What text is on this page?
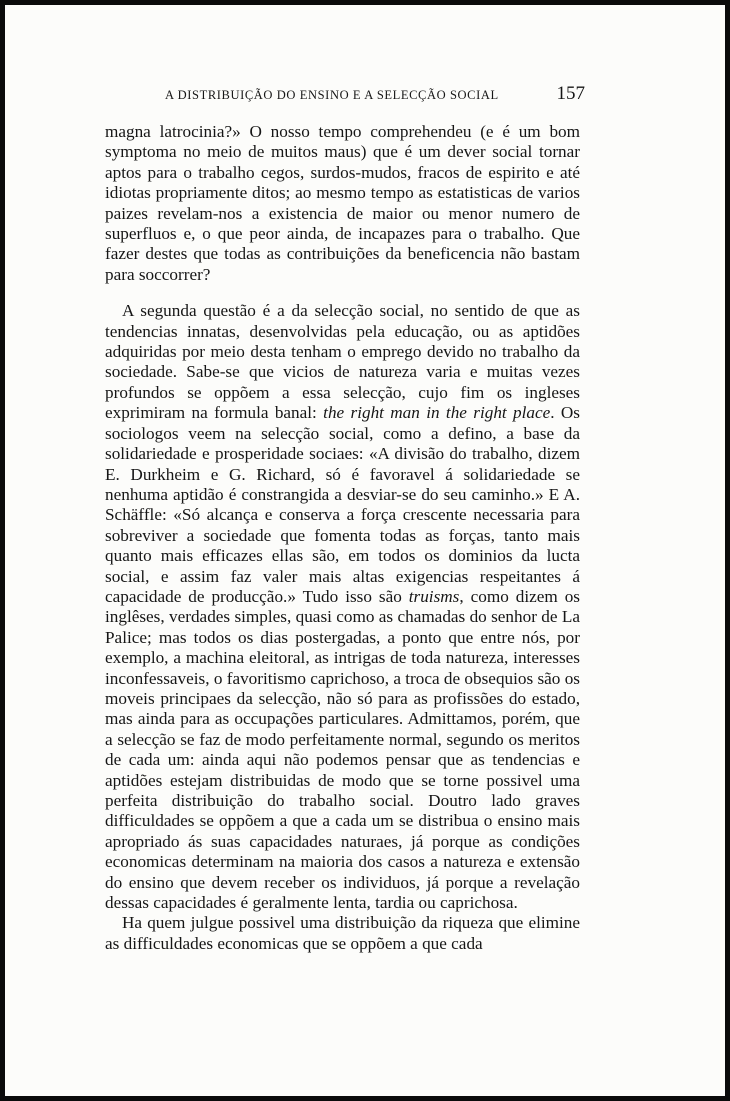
A DISTRIBUIÇÃO DO ENSINO E A SELECÇÃO SOCIAL	157

magna latrocinia?» O nosso tempo comprehendeu (e é um bom symptoma no meio de muitos maus) que é um dever social tornar aptos para o trabalho cegos, surdos-mudos, fracos de espirito e até idiotas propriamente ditos; ao mesmo tempo as estatisticas de varios paizes revelam-nos a existencia de maior ou menor numero de superfluos e, o que peor ainda, de incapazes para o trabalho. Que fazer destes que todas as contribuições da beneficencia não bastam para soccorrer?

A segunda questão é a da selecção social, no sentido de que as tendencias innatas, desenvolvidas pela educação, ou as aptidões adquiridas por meio desta tenham o emprego devido no trabalho da sociedade. Sabe-se que vicios de natureza varia e muitas vezes profundos se oppõem a essa selecção, cujo fim os ingleses exprimiram na formula banal: the right man in the right place. Os sociologos veem na selecção social, como a defino, a base da solidariedade e prosperidade sociaes: «A divisão do trabalho, dizem E. Durkheim e G. Richard, só é favoravel á solidariedade se nenhuma aptidão é constrangida a desviar-se do seu caminho.» E A. Schäffle: «Só alcança e conserva a força crescente necessaria para sobreviver a sociedade que fomenta todas as forças, tanto mais quanto mais efficazes ellas são, em todos os dominios da lucta social, e assim faz valer mais altas exigencias respeitantes á capacidade de producção.» Tudo isso são truisms, como dizem os inglêses, verdades simples, quasi como as chamadas do senhor de La Palice; mas todos os dias postergadas, a ponto que entre nós, por exemplo, a machina eleitoral, as intrigas de toda natureza, interesses inconfessaveis, o favoritismo caprichoso, a troca de obsequios são os moveis principaes da selecção, não só para as profissões do estado, mas ainda para as occupações particulares. Admittamos, porém, que a selecção se faz de modo perfeitamente normal, segundo os meritos de cada um: ainda aqui não podemos pensar que as tendencias e aptidões estejam distribuidas de modo que se torne possivel uma perfeita distribuição do trabalho social. Doutro lado graves difficuldades se oppõem a que a cada um se distribua o ensino mais apropriado ás suas capacidades naturaes, já porque as condições economicas determinam na maioria dos casos a natureza e extensão do ensino que devem receber os individuos, já porque a revelação dessas capacidades é geralmente lenta, tardia ou caprichosa.

Ha quem julgue possivel uma distribuição da riqueza que elimine as difficuldades economicas que se oppõem a que cada
